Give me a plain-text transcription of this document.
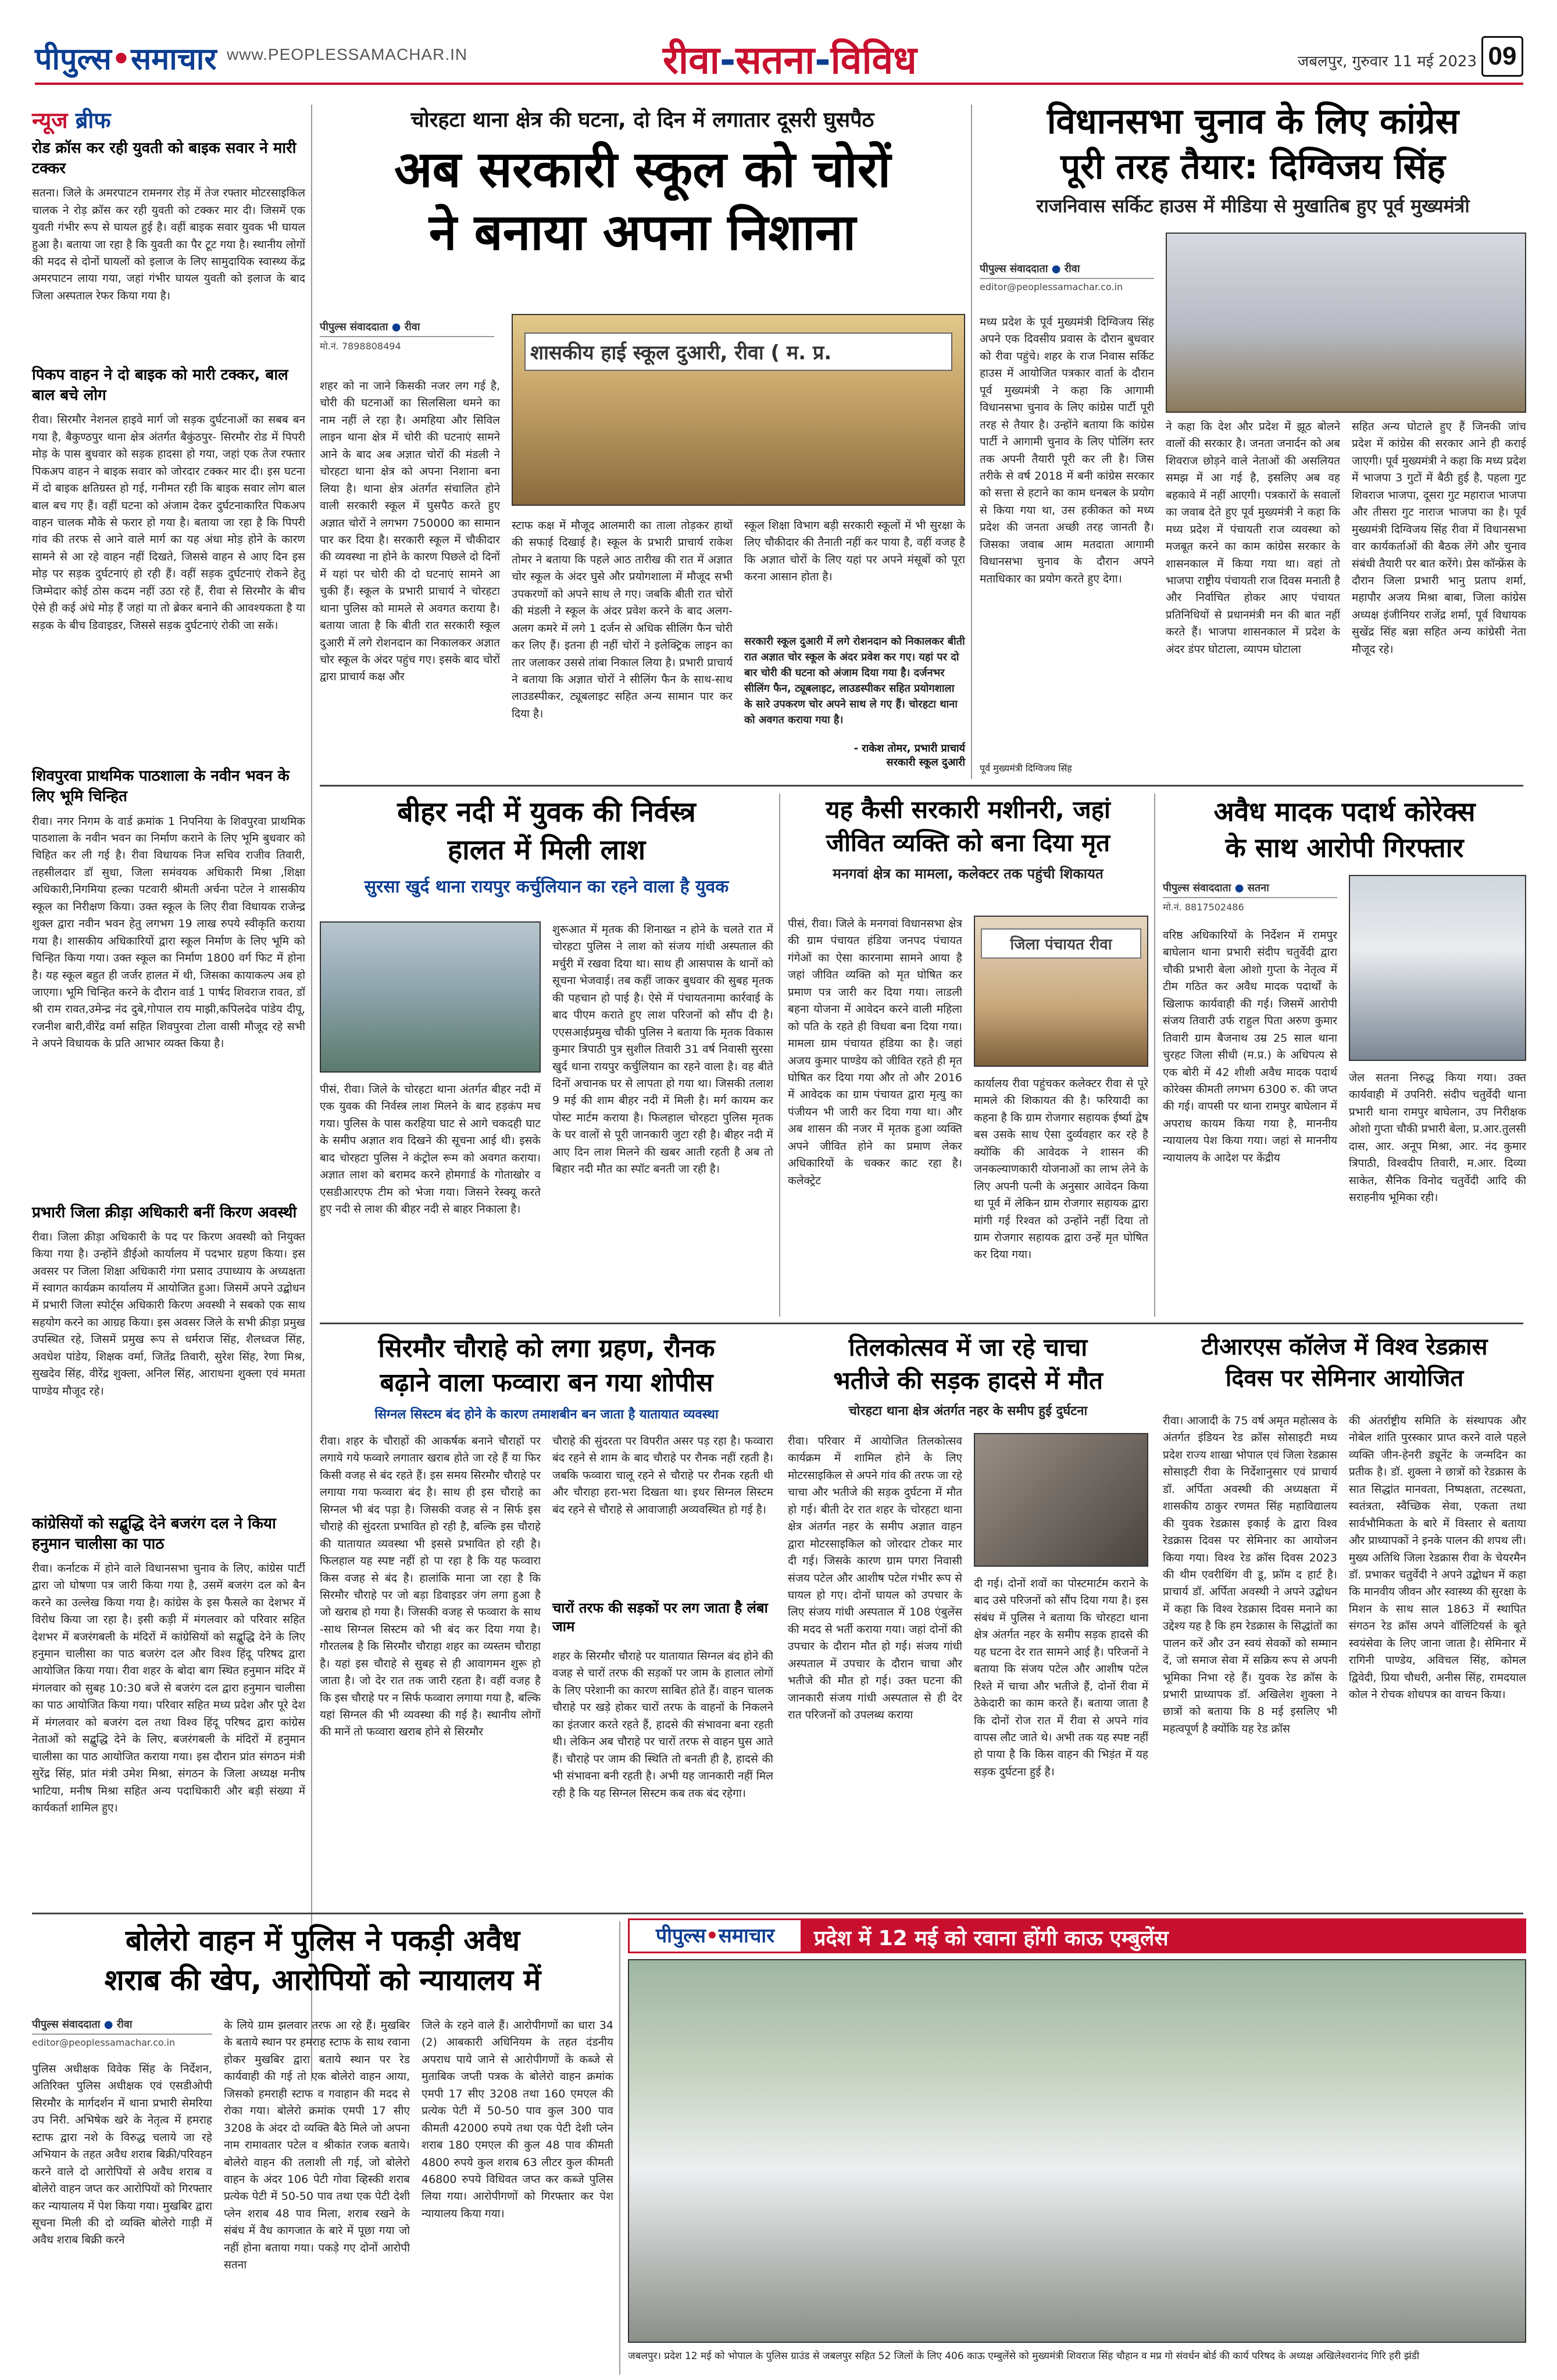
पीपुल्स•समाचार www.PEOPLESSAMACHAR.IN	रीवा-सतना-विविध	जबलपुर, गुरुवार 11 मई 2023 09
न्यूज ब्रीफ
रोड क्रॉस कर रही युवती को बाइक सवार ने मारी टक्कर
सतना। जिले के अमरपाटन रामनगर रोड़ में तेज रफ्तार मोटरसाइकिल चालक ने रोड़ क्रॉस कर रही युवती को टक्कर मार दी। जिसमें एक युवती गंभीर रूप से घायल हुई है। वहीं बाइक सवार युवक भी घायल हुआ है। बताया जा रहा है कि युवती का पैर टूट गया है। स्थानीय लोगों की मदद से दोनों घायलों को इलाज के लिए सामुदायिक स्वास्थ्य केंद्र अमरपाटन लाया गया, जहां गंभीर घायल युवती को इलाज के बाद जिला अस्पताल रेफर किया गया है।
पिकप वाहन ने दो बाइक को मारी टक्कर, बाल बाल बचे लोग
रीवा। सिरमौर नेशनल हाइवे मार्ग जो सड़क दुर्घटनाओं का सबब बन गया है, बैकुण्ठपुर थाना क्षेत्र अंतर्गत बैकुंठपुर- सिरमौर रोड में पिपरी मोड़ के पास बुधवार को सड़क हादसा हो गया, जहां एक तेज रफ्तार पिकअप वाहन ने बाइक सवार को जोरदार टक्कर मार दी। इस घटना में दो बाइक क्षतिग्रस्त हो गई, गनीमत रही कि बाइक सवार लोग बाल बाल बच गए हैं। वहीं घटना को अंजाम देकर दुर्घटनाकारित पिकअप वाहन चालक मौके से फरार हो गया है। बताया जा रहा है कि पिपरी गांव की तरफ से आने वाले मार्ग का यह अंधा मोड़ होने के कारण सामने से आ रहे वाहन नहीं दिखते, जिससे वाहन से आए दिन इस मोड़ पर सड़क दुर्घटनाएं हो रही हैं। वहीं सड़क दुर्घटनाएं रोकने हेतु जिम्मेदार कोई ठोस कदम नहीं उठा रहे हैं, रीवा से सिरमौर के बीच ऐसे ही कई अंधे मोड़ हैं जहां या तो ब्रेकर बनाने की आवश्यकता है या सड़क के बीच डिवाइडर, जिससे सड़क दुर्घटनाएं रोकी जा सकें।
शिवपुरवा प्राथमिक पाठशाला के नवीन भवन के लिए भूमि चिन्हित
रीवा। नगर निगम के वार्ड क्रमांक 1 निपनिया के शिवपुरवा प्राथमिक पाठशाला के नवीन भवन का निर्माण कराने के लिए भूमि बुधवार को चिहित कर ली गई है। रीवा विधायक निज सचिव राजीव तिवारी, तहसीलदार डॉ सुधा, जिला समंवयक अधिकारी मिश्रा ,शिक्षा अधिकारी,निगमिया हल्का पटवारी श्रीमती अर्चना पटेल ने शासकीय स्कूल का निरीक्षण किया। उक्त स्कूल के लिए रीवा विधायक राजेन्द्र शुक्ल द्वारा नवीन भवन हेतु लगभग 19 लाख रुपये स्वीकृति कराया गया है। शासकीय अधिकारियों द्वारा स्कूल निर्माण के लिए भूमि को चिन्हित किया गया। उक्त स्कूल का निर्माण 1800 वर्ग फिट में होना है। यह स्कूल बहुत ही जर्जर हालत में थी, जिसका कायाकल्प अब हो जाएगा। भूमि चिन्हित करने के दौरान वार्ड 1 पार्षद शिवराज रावत, डॉ श्री राम रावत,उमेन्द्र नंद दुबे,गोपाल राय माझी,कपिलदेव पांडेय दीपू, रजनीश बारी,वीरेंद्र वर्मा सहित शिवपुरवा टोला वासी मौजूद रहे सभी ने अपने विधायक के प्रति आभार व्यक्त किया है।
प्रभारी जिला क्रीड़ा अधिकारी बनीं किरण अवस्थी
रीवा। जिला क्रीड़ा अधिकारी के पद पर किरण अवस्थी को नियुक्त किया गया है। उन्होंने डीईओ कार्यालय में पदभार ग्रहण किया। इस अवसर पर जिला शिक्षा अधिकारी गंगा प्रसाद उपाध्याय के अध्यक्षता में स्वागत कार्यक्रम कार्यालय में आयोजित हुआ। जिसमें अपने उद्बोधन में प्रभारी जिला स्पोर्ट्स अधिकारी किरण अवस्थी ने सबको एक साथ सहयोग करने का आग्रह किया। इस अवसर जिले के सभी क्रीड़ा प्रमुख उपस्थित रहे, जिसमें प्रमुख रूप से धर्मराज सिंह, शैलध्वज सिंह, अवधेश पांडेय, शिक्षक वर्मा, जितेंद्र तिवारी, सुरेश सिंह, रेणा मिश्र, सुखदेव सिंह, वीरेंद्र शुक्ला, अनिल सिंह, आराधना शुक्ला एवं ममता पाण्डेय मौजूद रहे।
कांग्रेसियों को सद्बुद्धि देने बजरंग दल ने किया हनुमान चालीसा का पाठ
रीवा। कर्नाटक में होने वाले विधानसभा चुनाव के लिए, कांग्रेस पार्टी द्वारा जो घोषणा पत्र जारी किया गया है, उसमें बजरंग दल को बैन करने का उल्लेख किया गया है। कांग्रेस के इस फैसले का देशभर में विरोध किया जा रहा है। इसी कड़ी में मंगलवार को परिवार सहित देशभर में बजरंगबली के मंदिरों में कांग्रेसियों को सद्बुद्धि देने के लिए हनुमान चालीसा का पाठ बजरंग दल और विश्व हिंदू परिषद द्वारा आयोजित किया गया। रीवा शहर के बोदा बाग स्थित हनुमान मंदिर में मंगलवार को सुबह 10:30 बजे से बजरंग दल द्वारा हनुमान चालीसा का पाठ आयोजित किया गया। परिवार सहित मध्य प्रदेश और पूरे देश में मंगलवार को बजरंग दल तथा विश्व हिंदू परिषद द्वारा कांग्रेस नेताओं को सद्बुद्धि देने के लिए, बजरंगबली के मंदिरों में हनुमान चालीसा का पाठ आयोजित कराया गया। इस दौरान प्रांत संगठन मंत्री सुरेंद्र सिंह, प्रांत मंत्री उमेश मिश्रा, संगठन के जिला अध्यक्ष मनीष भाटिया, मनीष मिश्रा सहित अन्य पदाधिकारी और बड़ी संख्या में कार्यकर्ता शामिल हुए।
चोरहटा थाना क्षेत्र की घटना, दो दिन में लगातार दूसरी घुसपैठ
अब सरकारी स्कूल को चोरों
ने बनाया अपना निशाना
पीपुल्स संवाददाता ● रीवा
मो.नं. 7898808494	शासकीय हाई स्कूल दुआरी, रीवा ( म. प्र.
शहर को ना जाने किसकी नजर लग गई है, चोरी की घटनाओं का सिलसिला थमने का नाम नहीं ले रहा है। अमहिया और सिविल लाइन थाना क्षेत्र में चोरी की घटनाएं सामने आने के बाद अब अज्ञात चोरों की मंडली ने चोरहटा थाना क्षेत्र को अपना निशाना बना लिया है। थाना क्षेत्र अंतर्गत संचालित होने वाली सरकारी स्कूल में घुसपैठ करते हुए अज्ञात चोरों ने लगभग 750000 का सामान पार कर दिया है। सरकारी स्कूल में चौकीदार की व्यवस्था ना होने के कारण पिछले दो दिनों में यहां पर चोरी की दो घटनाएं सामने आ चुकी हैं। स्कूल के प्रभारी प्राचार्य ने चोरहटा थाना पुलिस को मामले से अवगत कराया है। बताया जाता है कि बीती रात सरकारी स्कूल दुआरी में लगे रोशनदान का निकालकर अज्ञात चोर स्कूल के अंदर पहुंच गए। इसके बाद चोरों द्वारा प्राचार्य कक्ष और
स्टाफ कक्ष में मौजूद आलमारी का ताला तोड़कर हाथों की सफाई दिखाई है। स्कूल के प्रभारी प्राचार्य राकेश तोमर ने बताया कि पहले आठ तारीख की रात में अज्ञात चोर स्कूल के अंदर घुसे और प्रयोगशाला में मौजूद सभी उपकरणों को अपने साथ ले गए। जबकि बीती रात चोरों की मंडली ने स्कूल के अंदर प्रवेश करने के बाद अलग-अलग कमरे में लगे 1 दर्जन से अधिक सीलिंग फैन चोरी कर लिए हैं। इतना ही नहीं चोरों ने इलेक्ट्रिक लाइन का तार जलाकर उससे तांबा निकाल लिया है। प्रभारी प्राचार्य ने बताया कि अज्ञात चोरों ने सीलिंग फैन के साथ-साथ लाउडस्पीकर, ट्यूबलाइट सहित अन्य सामान पार कर दिया है।
स्कूल शिक्षा विभाग बड़ी सरकारी स्कूलों में भी सुरक्षा के लिए चौकीदार की तैनाती नहीं कर पाया है, वहीं वजह है कि अज्ञात चोरों के लिए यहां पर अपने मंसूबों को पूरा करना आसान होता है।
सरकारी स्कूल दुआरी में लगे रोशनदान को निकालकर बीती रात अज्ञात चोर स्कूल के अंदर प्रवेश कर गए। यहां पर दो बार चोरी की घटना को अंजाम दिया गया है। दर्जनभर सीलिंग फैन, ट्यूबलाइट, लाउडस्पीकर सहित प्रयोगशाला के सारे उपकरण चोर अपने साथ ले गए हैं। चोरहटा थाना को अवगत कराया गया है।
- राकेश तोमर, प्रभारी प्राचार्य
सरकारी स्कूल दुआरी
विधानसभा चुनाव के लिए कांग्रेस
पूरी तरह तैयार: दिग्विजय सिंह
राजनिवास सर्किट हाउस में मीडिया से मुखातिब हुए पूर्व मुख्यमंत्री
पीपुल्स संवाददाता ● रीवा
editor@peoplessamachar.co.in
मध्य प्रदेश के पूर्व मुख्यमंत्री दिग्विजय सिंह अपने एक दिवसीय प्रवास के दौरान बुधवार को रीवा पहुंचे। शहर के राज निवास सर्किट हाउस में आयोजित पत्रकार वार्ता के दौरान पूर्व मुख्यमंत्री ने कहा कि आगामी विधानसभा चुनाव के लिए कांग्रेस पार्टी पूरी तरह से तैयार है। उन्होंने बताया कि कांग्रेस पार्टी ने आगामी चुनाव के लिए पोलिंग स्तर तक अपनी तैयारी पूरी कर ली है। जिस तरीके से वर्ष 2018 में बनी कांग्रेस सरकार को सत्ता से हटाने का काम धनबल के प्रयोग से किया गया था, उस हकीकत को मध्य प्रदेश की जनता अच्छी तरह जानती है। जिसका जवाब आम मतदाता आगामी विधानसभा चुनाव के दौरान अपने मताधिकार का प्रयोग करते हुए देगा।
ने कहा कि देश और प्रदेश में झूठ बोलने वालों की सरकार है। जनता जनार्दन को अब शिवराज छोड़ने वाले नेताओं की असलियत समझ में आ गई है, इसलिए अब वह बहकावे में नहीं आएगी। पत्रकारों के सवालों का जवाब देते हुए पूर्व मुख्यमंत्री ने कहा कि मध्य प्रदेश में पंचायती राज व्यवस्था को मजबूत करने का काम कांग्रेस सरकार के शासनकाल में किया गया था। वहां तो भाजपा राष्ट्रीय पंचायती राज दिवस मनाती है और निर्वाचित होकर आए पंचायत प्रतिनिधियों से प्रधानमंत्री मन की बात नहीं करते हैं। भाजपा शासनकाल में प्रदेश के अंदर डंपर घोटाला, व्यापम घोटाला
सहित अन्य घोटाले हुए हैं जिनकी जांच प्रदेश में कांग्रेस की सरकार आने ही कराई जाएगी। पूर्व मुख्यमंत्री ने कहा कि मध्य प्रदेश में भाजपा 3 गुटों में बैठी हुई है, पहला गुट शिवराज भाजपा, दूसरा गुट महाराज भाजपा और तीसरा गुट नाराज भाजपा का है। पूर्व मुख्यमंत्री दिग्विजय सिंह रीवा में विधानसभा वार कार्यकर्ताओं की बैठक लेंगे और चुनाव संबंधी तैयारी पर बात करेंगे। प्रेस कॉन्फ्रेंस के दौरान जिला प्रभारी भानु प्रताप शर्मा, महापौर अजय मिश्रा बाबा, जिला कांग्रेस अध्यक्ष इंजीनियर राजेंद्र शर्मा, पूर्व विधायक सुखेंद्र सिंह बन्ना सहित अन्य कांग्रेसी नेता मौजूद रहे।
पूर्व मुख्यमंत्री दिग्विजय सिंह
बीहर नदी में युवक की निर्वस्त्र
हालत में मिली लाश
सुरसा खुर्द थाना रायपुर कर्चुलियान का रहने वाला है युवक
शुरूआत में मृतक की शिनाख्त न होने के चलते रात में चोरहटा पुलिस ने लाश को संजय गांधी अस्पताल की मर्चुरी में रखवा दिया था। साथ ही आसपास के थानों को सूचना भेजवाई। तब कहीं जाकर बुधवार की सुबह मृतक की पहचान हो पाई है। ऐसे में पंचायतनामा कार्रवाई के बाद पीएम कराते हुए लाश परिजनों को सौंप दी है। एएसआईप्रमुख चौकी पुलिस ने बताया कि मृतक विकास कुमार त्रिपाठी पुत्र सुशील तिवारी 31 वर्ष निवासी सुरसा खुर्द थाना रायपुर कर्चुलियान का रहने वाला है। वह बीते दिनों अचानक घर से लापता हो गया था। जिसकी तलाश 9 मई की शाम बीहर नदी में मिली है। मर्ग कायम कर पोस्ट मार्टम कराया है। फिलहाल चोरहटा पुलिस मृतक के घर वालों से पूरी जानकारी जुटा रही है। बीहर नदी में आए दिन लाश मिलने की खबर आती रहती है अब तो बिहार नदी मौत का स्पॉट बनती जा रही है।
पीसं, रीवा। जिले के चोरहटा थाना अंतर्गत बीहर नदी में एक युवक की निर्वस्त्र लाश मिलने के बाद हड़कंप मच गया। पुलिस के पास करहिया घाट से आगे चकदही घाट के समीप अज्ञात शव दिखने की सूचना आई थी। इसके बाद चोरहटा पुलिस ने कंट्रोल रूम को अवगत कराया। अज्ञात लाश को बरामद करने होमगार्ड के गोताखोर व एसडीआरएफ टीम को भेजा गया। जिसने रेस्क्यू करते हुए नदी से लाश की बीहर नदी से बाहर निकाला है।
यह कैसी सरकारी मशीनरी, जहां
जीवित व्यक्ति को बना दिया मृत
मनगवां क्षेत्र का मामला, कलेक्टर तक पहुंची शिकायत
पीसं, रीवा। जिले के मनगवां विधानसभा क्षेत्र की ग्राम पंचायत हंडिया जनपद पंचायत गंगेओं का ऐसा कारनामा सामने आया है जहां जीवित व्यक्ति को मृत घोषित कर प्रमाण पत्र जारी कर दिया गया। लाडली बहना योजना में आवेदन करने वाली महिला को पति के रहते ही विधवा बना दिया गया। मामला ग्राम पंचायत हंडिया का है। जहां अजय कुमार पाण्डेय को जीवित रहते ही मृत घोषित कर दिया गया और तो और 2016 में आवेदक का ग्राम पंचायत द्वारा मृत्यु का पंजीयन भी जारी कर दिया गया था। और अब शासन की नजर में मृतक हुआ व्यक्ति अपने जीवित होने का प्रमाण लेकर अधिकारियों के चक्कर काट रहा है। कलेक्ट्रेट
जिला पंचायत रीवा
कार्यालय रीवा पहुंचकर कलेक्टर रीवा से पूरे मामले की शिकायत की है। फरियादी का कहना है कि ग्राम रोजगार सहायक ईर्ष्या द्वेष बस उसके साथ ऐसा दुर्व्यवहार कर रहे है क्योंकि की आवेदक ने शासन की जनकल्याणकारी योजनाओं का लाभ लेने के लिए अपनी पत्नी के अनुसार आवेदन किया था पूर्व में लेकिन ग्राम रोजगार सहायक द्वारा मांगी गई रिश्वत को उन्होंने नहीं दिया तो ग्राम रोजगार सहायक द्वारा उन्हें मृत घोषित कर दिया गया।
अवैध मादक पदार्थ कोरेक्स
के साथ आरोपी गिरफ्तार
पीपुल्स संवाददाता ● सतना
मो.नं. 8817502486
वरिष्ठ अधिकारियों के निर्देशन में रामपुर बाघेलान थाना प्रभारी संदीप चतुर्वेदी द्वारा चौकी प्रभारी बेला ओशो गुप्ता के नेतृत्व में टीम गठित कर अवैध मादक पदार्थों के खिलाफ कार्यवाही की गई। जिसमें आरोपी संजय तिवारी उर्फ राहुल पिता अरुण कुमार तिवारी ग्राम बैजनाथ उम्र 25 साल थाना चुरहट जिला सीधी (म.प्र.) के अधिपत्य से एक बोरी में 42 शीशी अवैध मादक पदार्थ कोरेक्स कीमती लगभग 6300 रु. की जप्त की गई। वापसी पर थाना रामपुर बाघेलान में अपराध कायम किया गया है, माननीय न्यायालय पेश किया गया। जहां से माननीय न्यायालय के आदेश पर केंद्रीय
जेल सतना निरुद्ध किया गया। उक्त कार्यवाही में उपनिरी. संदीप चतुर्वेदी थाना प्रभारी थाना रामपुर बाघेलान, उप निरीक्षक ओशो गुप्ता चौकी प्रभारी बेला, प्र.आर.तुलसी दास, आर. अनूप मिश्रा, आर. नंद कुमार त्रिपाठी, विश्वदीप तिवारी, म.आर. दिव्या साकेत, सैनिक विनोद चतुर्वेदी आदि की सराहनीय भूमिका रही।
सिरमौर चौराहे को लगा ग्रहण, रौनक
बढ़ाने वाला फव्वारा बन गया शोपीस
सिग्नल सिस्टम बंद होने के कारण तमाशबीन बन जाता है यातायात व्यवस्था
रीवा। शहर के चौराहों की आकर्षक बनाने चौराहों पर लगाये गये फव्वारे लगातार खराब होते जा रहे हैं या फिर किसी वजह से बंद रहते हैं। इस समय सिरमौर चौराहे पर लगाया गया फव्वारा बंद है। साथ ही इस चौराहे का सिग्नल भी बंद पड़ा है। जिसकी वजह से न सिर्फ इस चौराहे की सुंदरता प्रभावित हो रही है, बल्कि इस चौराहे की यातायात व्यवस्था भी इससे प्रभावित हो रही है। फिलहाल यह स्पष्ट नहीं हो पा रहा है कि यह फव्वारा किस वजह से बंद है। हालांकि माना जा रहा है कि सिरमौर चौराहे पर जो बड़ा डिवाइडर जंग लगा हुआ है जो खराब हो गया है। जिसकी वजह से फव्वारा के साथ -साथ सिग्नल सिस्टम को भी बंद कर दिया गया है। गौरतलब है कि सिरमौर चौराहा शहर का व्यस्तम चौराहा है। यहां इस चौराहे से सुबह से ही आवागमन शुरू हो जाता है। जो देर रात तक जारी रहता है। वहीं वजह है कि इस चौराहे पर न सिर्फ फव्वारा लगाया गया है, बल्कि यहां सिग्नल की भी व्यवस्था की गई है। स्थानीय लोगों की मानें तो फव्वारा खराब होने से सिरमौर
चौराहे की सुंदरता पर विपरीत असर पड़ रहा है। फव्वारा बंद रहने से शाम के बाद चौराहे पर रौनक नहीं रहती है। जबकि फव्वारा चालू रहने से चौराहे पर रौनक रहती थी और चौराहा हरा-भरा दिखता था। इधर सिग्नल सिस्टम बंद रहने से चौराहे से आवाजाही अव्यवस्थित हो गई है।
चारों तरफ की सड़कों पर लग जाता है लंबा जाम
शहर के सिरमौर चौराहे पर यातायात सिग्नल बंद होने की वजह से चारों तरफ की सड़कों पर जाम के हालात लोगों के लिए परेशानी का कारण साबित होते हैं। वाहन चालक चौराहे पर खड़े होकर चारों तरफ के वाहनों के निकलने का इंतजार करते रहते हैं, हादसे की संभावना बना रहती थी। लेकिन अब चौराहे पर चारों तरफ से वाहन घुस आते हैं। चौराहे पर जाम की स्थिति तो बनती ही है, हादसे की भी संभावना बनी रहती है। अभी यह जानकारी नहीं मिल रही है कि यह सिग्नल सिस्टम कब तक बंद रहेगा।
तिलकोत्सव में जा रहे चाचा
भतीजे की सड़क हादसे में मौत
चोरहटा थाना क्षेत्र अंतर्गत नहर के समीप हुई दुर्घटना
रीवा। परिवार में आयोजित तिलकोत्सव कार्यक्रम में शामिल होने के लिए मोटरसाइकिल से अपने गांव की तरफ जा रहे चाचा और भतीजे की सड़क दुर्घटना में मौत हो गई। बीती देर रात शहर के चोरहटा थाना क्षेत्र अंतर्गत नहर के समीप अज्ञात वाहन द्वारा मोटरसाइकिल को जोरदार टोकर मार दी गई। जिसके कारण ग्राम पगरा निवासी संजय पटेल और आशीष पटेल गंभीर रूप से घायल हो गए। दोनों घायल को उपचार के लिए संजय गांधी अस्पताल में 108 एंबुलेंस की मदद से भर्ती कराया गया। जहां दोनों की उपचार के दौरान मौत हो गई। संजय गांधी अस्पताल में उपचार के दौरान चाचा और भतीजे की मौत हो गई। उक्त घटना की जानकारी संजय गांधी अस्पताल से ही देर रात परिजनों को उपलब्ध कराया
दी गई। दोनों शवों का पोस्टमार्टम कराने के बाद उसे परिजनों को सौंप दिया गया है। इस संबंध में पुलिस ने बताया कि चोरहटा थाना क्षेत्र अंतर्गत नहर के समीप सड़क हादसे की यह घटना देर रात सामने आई है। परिजनों ने बताया कि संजय पटेल और आशीष पटेल रिश्ते में चाचा और भतीजे हैं, दोनों रीवा में ठेकेदारी का काम करते हैं। बताया जाता है कि दोनों रोज रात में रीवा से अपने गांव वापस लौट जाते थे। अभी तक यह स्पष्ट नहीं हो पाया है कि किस वाहन की भिड़ंत में यह सड़क दुर्घटना हुई है।
टीआरएस कॉलेज में विश्व रेडक्रास
दिवस पर सेमिनार आयोजित
रीवा। आजादी के 75 वर्ष अमृत महोत्सव के अंतर्गत इंडियन रेड क्रॉस सोसाइटी मध्य प्रदेश राज्य शाखा भोपाल एवं जिला रेडक्रास सोसाइटी रीवा के निर्देशानुसार एवं प्राचार्य डॉ. अर्पिता अवस्थी की अध्यक्षता में शासकीय ठाकुर रणमत सिंह महाविद्यालय की युवक रेडक्रास इकाई के द्वारा विश्व रेडक्रास दिवस पर सेमिनार का आयोजन किया गया। विश्व रेड क्रॉस दिवस 2023 की थीम एवरीथिंग वी डू, फ्रॉम द हार्ट है। प्राचार्य डॉ. अर्पिता अवस्थी ने अपने उद्बोधन में कहा कि विश्व रेडक्रास दिवस मनाने का उद्देश्य यह है कि हम रेडक्रास के सिद्धांतों का पालन करें और उन स्वयं सेवकों को सम्मान दें, जो समाज सेवा में सक्रिय रूप से अपनी भूमिका निभा रहे हैं। युवक रेड क्रॉस के प्रभारी प्राध्यापक डॉ. अखिलेश शुक्ला ने छात्रों को बताया कि 8 मई इसलिए भी महत्वपूर्ण है क्योंकि यह रेड क्रॉस
की अंतर्राष्ट्रीय समिति के संस्थापक और नोबेल शांति पुरस्कार प्राप्त करने वाले पहले व्यक्ति जीन-हेनरी ड्यूनेंट के जन्मदिन का प्रतीक है। डॉ. शुक्ला ने छात्रों को रेडक्रास के सात सिद्धांत मानवता, निष्पक्षता, तटस्थता, स्वतंत्रता, स्वैच्छिक सेवा, एकता तथा सार्वभौमिकता के बारे में विस्तार से बताया और प्राध्यापकों ने इनके पालन की शपथ ली। मुख्य अतिथि जिला रेडक्रास रीवा के चेयरमैन डॉ. प्रभाकर चतुर्वेदी ने अपने उद्बोधन में कहा कि मानवीय जीवन और स्वास्थ्य की सुरक्षा के मिशन के साथ साल 1863 में स्थापित संगठन रेड क्रॉस अपने वॉलिंटियर्स के बूते स्वयंसेवा के लिए जाना जाता है। सेमिनार में रागिनी पाण्डेय, अविचल सिंह, कोमल द्विवेदी, प्रिया चौधरी, अनीस सिंह, रामदयाल कोल ने रोचक शोधपत्र का वाचन किया।
बोलेरो वाहन में पुलिस ने पकड़ी अवैध
शराब की खेप, आरोपियों को न्यायालय में
पीपुल्स संवाददाता ● रीवा
editor@peoplessamachar.co.in
पुलिस अधीक्षक विवेक सिंह के निर्देशन, अतिरिक्त पुलिस अधीक्षक एवं एसडीओपी सिरमौर के मार्गदर्शन में थाना प्रभारी सेमरिया उप निरी. अभिषेक खरे के नेतृत्व में हमराह स्टाफ द्वारा नशे के विरुद्ध चलाये जा रहे अभियान के तहत अवैध शराब बिक्री/परिवहन करने वाले दो आरोपियों से अवैध शराब व बोलेरो वाहन जप्त कर आरोपियों को गिरफ्तार कर न्यायालय में पेश किया गया। मुखबिर द्वारा सूचना मिली की दो व्यक्ति बोलेरो गाड़ी में अवैध शराब बिक्री करने
के लिये ग्राम झलवार तरफ आ रहे हैं। मुखबिर के बताये स्थान पर हमराह स्टाफ के साथ रवाना होकर मुखबिर द्वारा बताये स्थान पर रेड कार्यवाही की गई तो एक बोलेरो वाहन आया, जिसको हमराही स्टाफ व गवाहान की मदद से रोका गया। बोलेरो क्रमांक एमपी 17 सीए 3208 के अंदर दो व्यक्ति बैठे मिले जो अपना नाम रामावतार पटेल व श्रीकांत रजक बताये। बोलेरो वाहन की तलाशी ली गई, जो बोलेरो वाहन के अंदर 106 पेटी गोवा व्हिस्की शराब प्रत्येक पेटी में 50-50 पाव तथा एक पेटी देशी प्लेन शराब 48 पाव मिला, शराब रखने के संबंध में वैध कागजात के बारे में पूछा गया जो नहीं होना बताया गया। पकड़े गए दोनों आरोपी सतना
जिले के रहने वाले हैं। आरोपीगणों का धारा 34 (2) आबकारी अधिनियम के तहत दंडनीय अपराध पाये जाने से आरोपीगणों के कब्जे से मुताबिक जप्ती पत्रक के बोलेरो वाहन क्रमांक एमपी 17 सीए 3208 तथा 160 एमएल की प्रत्येक पेटी में 50-50 पाव कुल 300 पाव कीमती 42000 रुपये तथा एक पेटी देशी प्लेन शराब 180 एमएल की कुल 48 पाव कीमती 4800 रुपये कुल शराब 63 लीटर कुल कीमती 46800 रुपये विधिवत जप्त कर कब्जे पुलिस लिया गया। आरोपीगणों को गिरफ्तार कर पेश न्यायालय किया गया।
पीपुल्स•समाचार	प्रदेश में 12 मई को रवाना होंगी काऊ एम्बुलेंस
जबलपुर। प्रदेश 12 मई को भोपाल के पुलिस ग्राउंड से जबलपुर सहित 52 जिलों के लिए 406 काऊ एम्बुलेंसे को मुख्यमंत्री शिवराज सिंह चौहान व मप्र गो संवर्धन बोर्ड की कार्य परिषद के अध्यक्ष अखिलेश्वरानंद गिरि हरी झंडी
